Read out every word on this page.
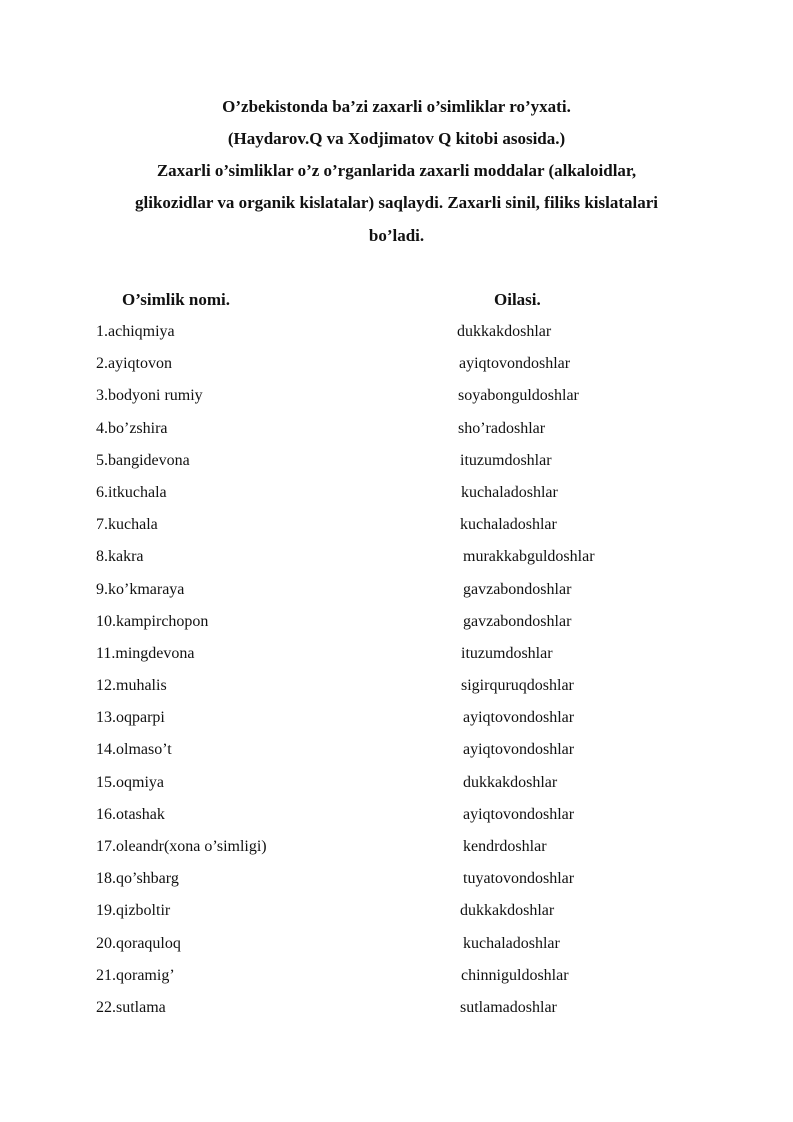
O’zbekistonda ba’zi zaxarli o’simliklar ro’yxati.
(Haydarov.Q va Xodjimatov Q kitobi asosida.)
Zaxarli o’simliklar o’z o’rganlarida zaxarli moddalar (alkaloidlar,
glikozidlar va organik kislatalar) saqlaydi. Zaxarli sinil, filiks kislatalari
bo’ladi.
O’simlik nomi.	Oilasi.
1.achiqmiya	dukkakdoshlar
2.ayiqtovon	ayiqtovondoshlar
3.bodyoni rumiy	soyabonguldoshlar
4.bo’zshira	sho’radoshlar
5.bangidevona	ituzumdoshlar
6.itkuchala	kuchaladoshlar
7.kuchala	kuchaladoshlar
8.kakra	murakkabguldoshlar
9.ko’kmaraya	gavzabondoshlar
10.kampirchopon	gavzabondoshlar
11.mingdevona	ituzumdoshlar
12.muhalis	sigirquruqdoshlar
13.oqparpi	ayiqtovondoshlar
14.olmaso’t	ayiqtovondoshlar
15.oqmiya	dukkakdoshlar
16.otashak	ayiqtovondoshlar
17.oleandr(xona o’simligi)	kendrdoshlar
18.qo’shbarg	tuyatovondoshlar
19.qizboltir	dukkakdoshlar
20.qoraquloq	kuchaladoshlar
21.qoramig’	chinniguldoshlar
22.sutlama	sutlamadoshlar
